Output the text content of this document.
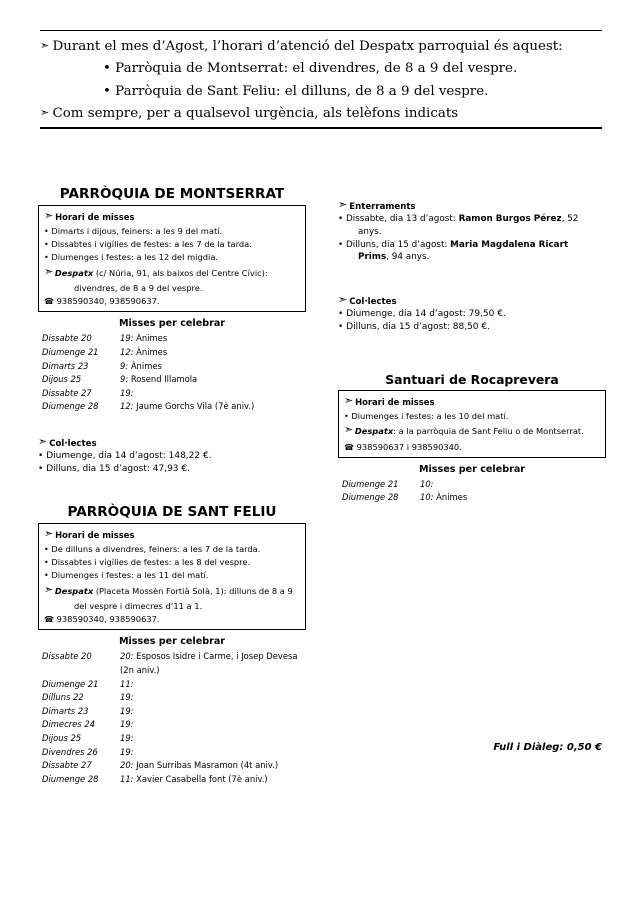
➣ Durant el mes d’Agost, l’horari d’atenció del Despatx parroquial és aquest:
• Parròquia de Montserrat: el divendres, de 8 a 9 del vespre.
• Parròquia de Sant Feliu: el dilluns, de 8 a 9 del vespre.
➣ Com sempre, per a qualsevol urgència, als telèfons indicats
PARRÒQUIA DE MONTSERRAT
➣ Horari de misses
• Dimarts i dijous, feiners: a les 9 del matí.
• Dissabtes i vigílies de festes: a les 7 de la tarda.
• Diumenges i festes: a les 12 del migdia.
➣ Despatx (c/ Núria, 91, als baixos del Centre Cívic):
divendres, de 8 a 9 del vespre.
☎ 938590340, 938590637.
Misses per celebrar
Dissabte 20	19: Ànimes
Diumenge 21	12: Ànimes
Dimarts 23	9: Ànimes
Dijous 25	9: Rosend Illamola
Dissabte 27	19:
Diumenge 28	12: Jaume Gorchs Vila (7è aniv.)
➣ Col·lectes
• Diumenge, dia 14 d’agost: 148,22 €.
• Dilluns, dia 15 d’agost: 47,93 €.
PARRÒQUIA DE SANT FELIU
➣ Horari de misses
• De dilluns a divendres, feiners: a les 7 de la tarda.
• Dissabtes i vigílies de festes: a les 8 del vespre.
• Diumenges i festes: a les 11 del matí.
➣ Despatx (Placeta Mossèn Fortià Solà, 1): dilluns de 8 a 9
del vespre i dimecres d’11 a 1.
☎ 938590340, 938590637.
Misses per celebrar
Dissabte 20	20: Esposos Isidre i Carme, i Josep Devesa (2n aniv.)
Diumenge 21	11:
Dilluns 22	19:
Dimarts 23	19:
Dimecres 24	19:
Dijous 25	19:
Divendres 26	19:
Dissabte 27	20: Joan Surribas Masramon (4t aniv.)
Diumenge 28	11: Xavier Casabella font (7è aniv.)
➣ Enterraments
• Dissabte, dia 13 d’agost: Ramon Burgos Pérez, 52
anys.
• Dilluns, dia 15 d’agost: Maria Magdalena Ricart
Prims, 94 anys.
➣ Col·lectes
• Diumenge, dia 14 d’agost: 79,50 €.
• Dilluns, dia 15 d’agost: 88,50 €.
Santuari de Rocaprevera
➣ Horari de misses
• Diumenges i festes: a les 10 del matí.
➣ Despatx: a la parròquia de Sant Feliu o de Montserrat.
☎ 938590637 i 938590340.
Misses per celebrar
Diumenge 21	10:
Diumenge 28	10: Ànimes
Full i Diàleg: 0,50 €
